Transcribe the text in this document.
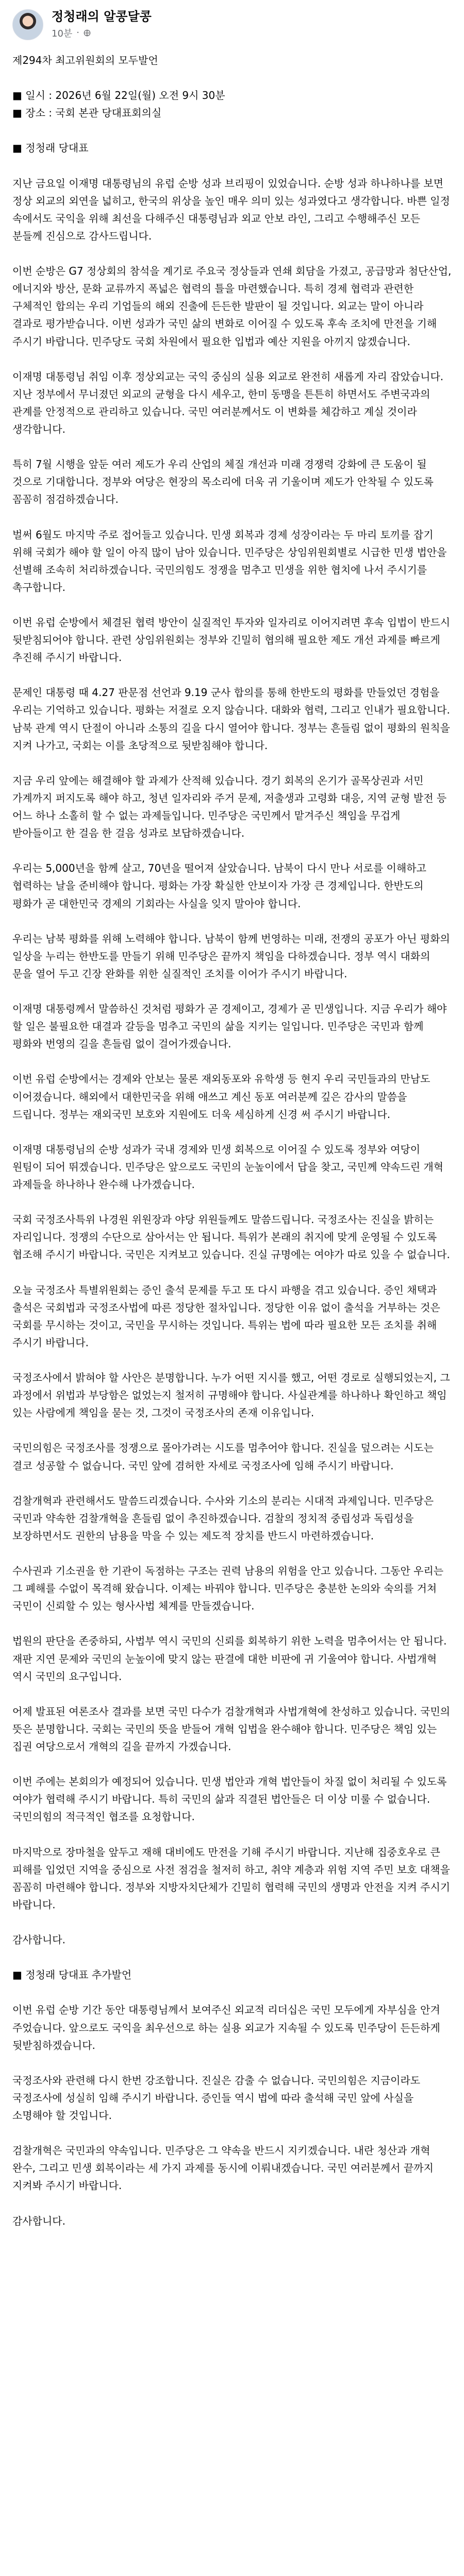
정청래의 알콩달콩
10분 ·
제294차 최고위원회의 모두발언

■ 일시 : 2026년 6월 22일(월) 오전 9시 30분
■ 장소 : 국회 본관 당대표회의실

■ 정청래 당대표

지난 금요일 이재명 대통령님의 유럽 순방 성과 브리핑이 있었습니다. 순방 성과 하나하나를 보면 정상 외교의 외연을 넓히고, 한국의 위상을 높인 매우 의미 있는 성과였다고 생각합니다. 바쁜 일정 속에서도 국익을 위해 최선을 다해주신 대통령님과 외교 안보 라인, 그리고 수행해주신 모든 분들께 진심으로 감사드립니다.

이번 순방은 G7 정상회의 참석을 계기로 주요국 정상들과 연쇄 회담을 가졌고, 공급망과 첨단산업, 에너지와 방산, 문화 교류까지 폭넓은 협력의 틀을 마련했습니다. 특히 경제 협력과 관련한 구체적인 합의는 우리 기업들의 해외 진출에 든든한 발판이 될 것입니다. 외교는 말이 아니라 결과로 평가받습니다. 이번 성과가 국민 삶의 변화로 이어질 수 있도록 후속 조치에 만전을 기해 주시기 바랍니다. 민주당도 국회 차원에서 필요한 입법과 예산 지원을 아끼지 않겠습니다.

이재명 대통령님 취임 이후 정상외교는 국익 중심의 실용 외교로 완전히 새롭게 자리 잡았습니다. 지난 정부에서 무너졌던 외교의 균형을 다시 세우고, 한미 동맹을 튼튼히 하면서도 주변국과의 관계를 안정적으로 관리하고 있습니다. 국민 여러분께서도 이 변화를 체감하고 계실 것이라 생각합니다.

특히 7월 시행을 앞둔 여러 제도가 우리 산업의 체질 개선과 미래 경쟁력 강화에 큰 도움이 될 것으로 기대합니다. 정부와 여당은 현장의 목소리에 더욱 귀 기울이며 제도가 안착될 수 있도록 꼼꼼히 점검하겠습니다.

벌써 6월도 마지막 주로 접어들고 있습니다. 민생 회복과 경제 성장이라는 두 마리 토끼를 잡기 위해 국회가 해야 할 일이 아직 많이 남아 있습니다. 민주당은 상임위원회별로 시급한 민생 법안을 선별해 조속히 처리하겠습니다. 국민의힘도 정쟁을 멈추고 민생을 위한 협치에 나서 주시기를 촉구합니다.

이번 유럽 순방에서 체결된 협력 방안이 실질적인 투자와 일자리로 이어지려면 후속 입법이 반드시 뒷받침되어야 합니다. 관련 상임위원회는 정부와 긴밀히 협의해 필요한 제도 개선 과제를 빠르게 추진해 주시기 바랍니다.

문제인 대통령 때 4.27 판문점 선언과 9.19 군사 합의를 통해 한반도의 평화를 만들었던 경험을 우리는 기억하고 있습니다. 평화는 저절로 오지 않습니다. 대화와 협력, 그리고 인내가 필요합니다. 남북 관계 역시 단절이 아니라 소통의 길을 다시 열어야 합니다. 정부는 흔들림 없이 평화의 원칙을 지켜 나가고, 국회는 이를 초당적으로 뒷받침해야 합니다.

지금 우리 앞에는 해결해야 할 과제가 산적해 있습니다. 경기 회복의 온기가 골목상권과 서민 가계까지 퍼지도록 해야 하고, 청년 일자리와 주거 문제, 저출생과 고령화 대응, 지역 균형 발전 등 어느 하나 소홀히 할 수 없는 과제들입니다. 민주당은 국민께서 맡겨주신 책임을 무겁게 받아들이고 한 걸음 한 걸음 성과로 보답하겠습니다.

우리는 5,000년을 함께 살고, 70년을 떨어져 살았습니다. 남북이 다시 만나 서로를 이해하고 협력하는 날을 준비해야 합니다. 평화는 가장 확실한 안보이자 가장 큰 경제입니다. 한반도의 평화가 곧 대한민국 경제의 기회라는 사실을 잊지 말아야 합니다.

우리는 남북 평화를 위해 노력해야 합니다. 남북이 함께 번영하는 미래, 전쟁의 공포가 아닌 평화의 일상을 누리는 한반도를 만들기 위해 민주당은 끝까지 책임을 다하겠습니다. 정부 역시 대화의 문을 열어 두고 긴장 완화를 위한 실질적인 조치를 이어가 주시기 바랍니다.

이재명 대통령께서 말씀하신 것처럼 평화가 곧 경제이고, 경제가 곧 민생입니다. 지금 우리가 해야 할 일은 불필요한 대결과 갈등을 멈추고 국민의 삶을 지키는 일입니다. 민주당은 국민과 함께 평화와 번영의 길을 흔들림 없이 걸어가겠습니다.

이번 유럽 순방에서는 경제와 안보는 물론 재외동포와 유학생 등 현지 우리 국민들과의 만남도 이어졌습니다. 해외에서 대한민국을 위해 애쓰고 계신 동포 여러분께 깊은 감사의 말씀을 드립니다. 정부는 재외국민 보호와 지원에도 더욱 세심하게 신경 써 주시기 바랍니다.

이재명 대통령님의 순방 성과가 국내 경제와 민생 회복으로 이어질 수 있도록 정부와 여당이 원팀이 되어 뛰겠습니다. 민주당은 앞으로도 국민의 눈높이에서 답을 찾고, 국민께 약속드린 개혁 과제들을 하나하나 완수해 나가겠습니다.

국회 국정조사특위 나경원 위원장과 야당 위원들께도 말씀드립니다. 국정조사는 진실을 밝히는 자리입니다. 정쟁의 수단으로 삼아서는 안 됩니다. 특위가 본래의 취지에 맞게 운영될 수 있도록 협조해 주시기 바랍니다. 국민은 지켜보고 있습니다. 진실 규명에는 여야가 따로 있을 수 없습니다.

오늘 국정조사 특별위원회는 증인 출석 문제를 두고 또 다시 파행을 겪고 있습니다. 증인 채택과 출석은 국회법과 국정조사법에 따른 정당한 절차입니다. 정당한 이유 없이 출석을 거부하는 것은 국회를 무시하는 것이고, 국민을 무시하는 것입니다. 특위는 법에 따라 필요한 모든 조치를 취해 주시기 바랍니다.

국정조사에서 밝혀야 할 사안은 분명합니다. 누가 어떤 지시를 했고, 어떤 경로로 실행되었는지, 그 과정에서 위법과 부당함은 없었는지 철저히 규명해야 합니다. 사실관계를 하나하나 확인하고 책임 있는 사람에게 책임을 묻는 것, 그것이 국정조사의 존재 이유입니다.

국민의힘은 국정조사를 정쟁으로 몰아가려는 시도를 멈추어야 합니다. 진실을 덮으려는 시도는 결코 성공할 수 없습니다. 국민 앞에 겸허한 자세로 국정조사에 임해 주시기 바랍니다.

검찰개혁과 관련해서도 말씀드리겠습니다. 수사와 기소의 분리는 시대적 과제입니다. 민주당은 국민과 약속한 검찰개혁을 흔들림 없이 추진하겠습니다. 검찰의 정치적 중립성과 독립성을 보장하면서도 권한의 남용을 막을 수 있는 제도적 장치를 반드시 마련하겠습니다.

수사권과 기소권을 한 기관이 독점하는 구조는 권력 남용의 위험을 안고 있습니다. 그동안 우리는 그 폐해를 수없이 목격해 왔습니다. 이제는 바꿔야 합니다. 민주당은 충분한 논의와 숙의를 거쳐 국민이 신뢰할 수 있는 형사사법 체계를 만들겠습니다.

법원의 판단을 존중하되, 사법부 역시 국민의 신뢰를 회복하기 위한 노력을 멈추어서는 안 됩니다. 재판 지연 문제와 국민의 눈높이에 맞지 않는 판결에 대한 비판에 귀 기울여야 합니다. 사법개혁 역시 국민의 요구입니다.

어제 발표된 여론조사 결과를 보면 국민 다수가 검찰개혁과 사법개혁에 찬성하고 있습니다. 국민의 뜻은 분명합니다. 국회는 국민의 뜻을 받들어 개혁 입법을 완수해야 합니다. 민주당은 책임 있는 집권 여당으로서 개혁의 길을 끝까지 가겠습니다.

이번 주에는 본회의가 예정되어 있습니다. 민생 법안과 개혁 법안들이 차질 없이 처리될 수 있도록 여야가 협력해 주시기 바랍니다. 특히 국민의 삶과 직결된 법안들은 더 이상 미룰 수 없습니다. 국민의힘의 적극적인 협조를 요청합니다.

마지막으로 장마철을 앞두고 재해 대비에도 만전을 기해 주시기 바랍니다. 지난해 집중호우로 큰 피해를 입었던 지역을 중심으로 사전 점검을 철저히 하고, 취약 계층과 위험 지역 주민 보호 대책을 꼼꼼히 마련해야 합니다. 정부와 지방자치단체가 긴밀히 협력해 국민의 생명과 안전을 지켜 주시기 바랍니다.

감사합니다.

■ 정청래 당대표 추가발언

이번 유럽 순방 기간 동안 대통령님께서 보여주신 외교적 리더십은 국민 모두에게 자부심을 안겨 주었습니다. 앞으로도 국익을 최우선으로 하는 실용 외교가 지속될 수 있도록 민주당이 든든하게 뒷받침하겠습니다.

국정조사와 관련해 다시 한번 강조합니다. 진실은 감출 수 없습니다. 국민의힘은 지금이라도 국정조사에 성실히 임해 주시기 바랍니다. 증인들 역시 법에 따라 출석해 국민 앞에 사실을 소명해야 할 것입니다.

검찰개혁은 국민과의 약속입니다. 민주당은 그 약속을 반드시 지키겠습니다. 내란 청산과 개혁 완수, 그리고 민생 회복이라는 세 가지 과제를 동시에 이뤄내겠습니다. 국민 여러분께서 끝까지 지켜봐 주시기 바랍니다.

감사합니다.
